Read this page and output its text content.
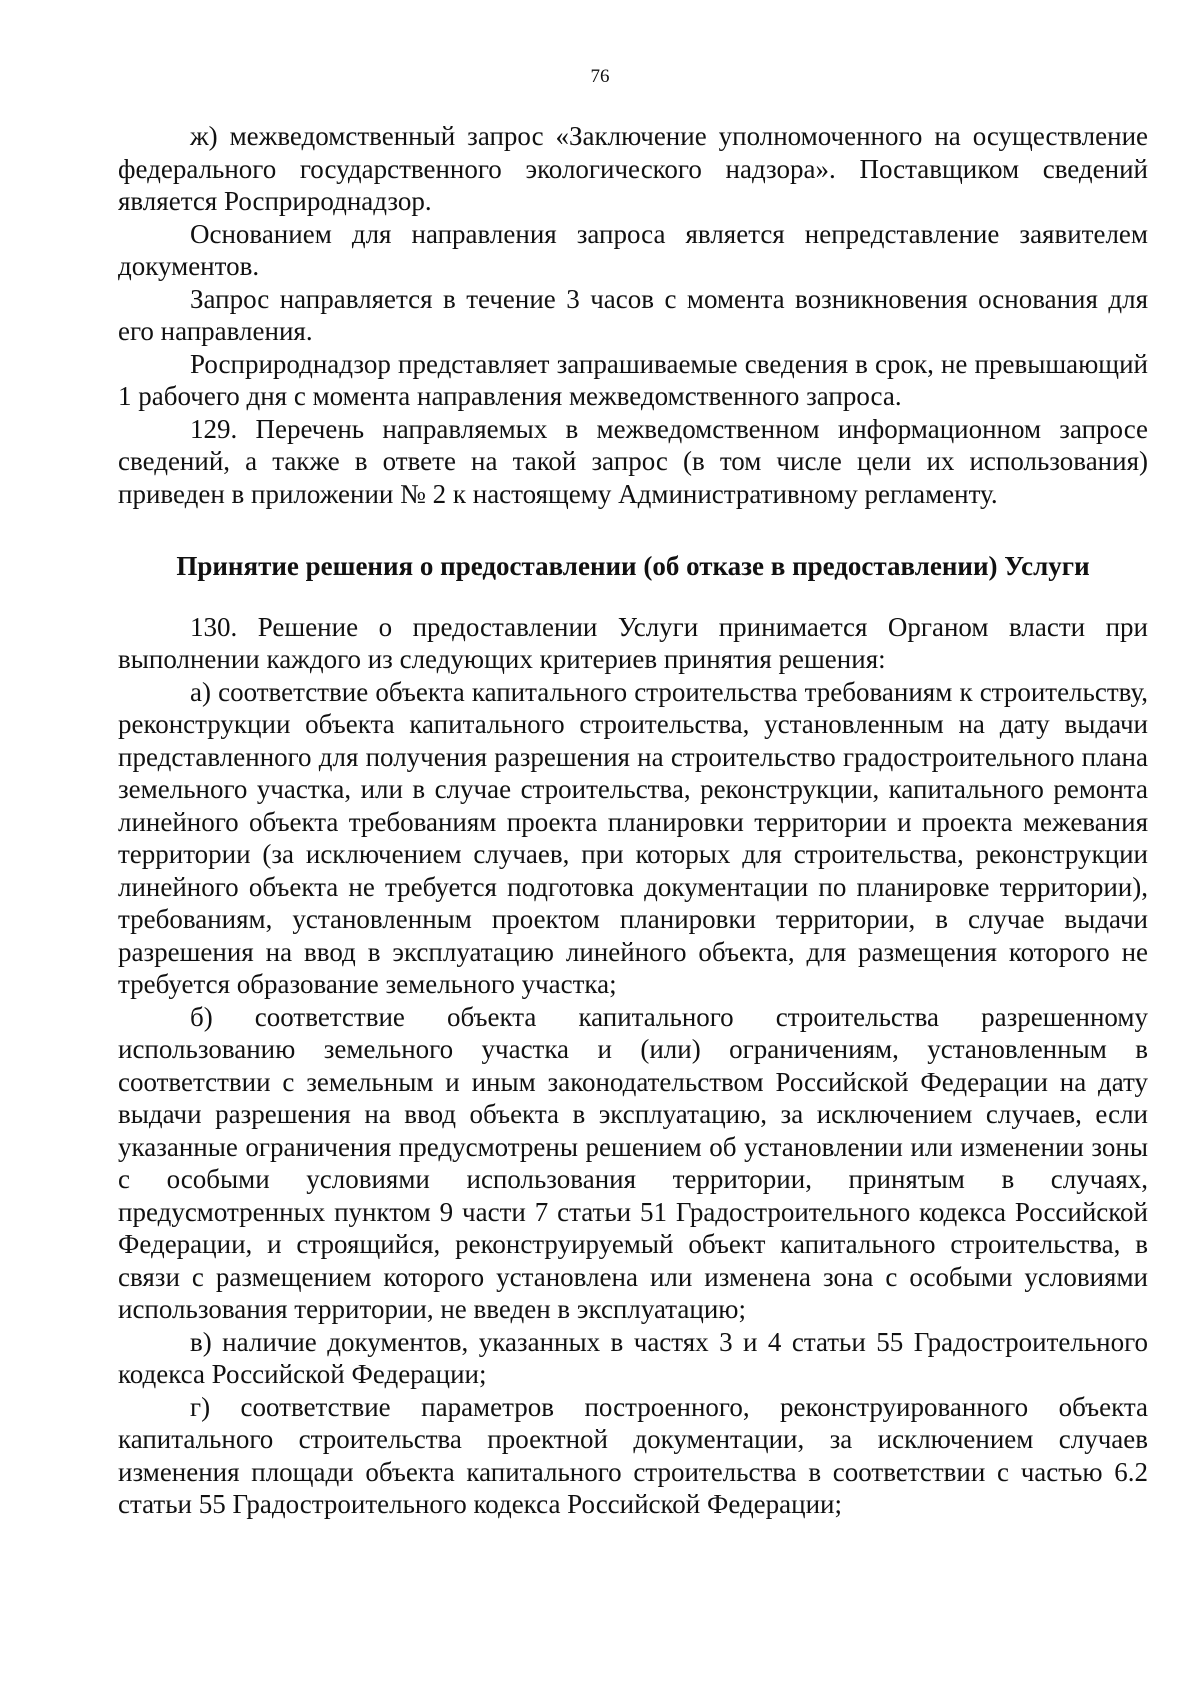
76

ж) межведомственный запрос «Заключение уполномоченного на осуществление федерального государственного экологического надзора». Поставщиком сведений является Росприроднадзор.

Основанием для направления запроса является непредставление заявителем документов.

Запрос направляется в течение 3 часов с момента возникновения основания для его направления.

Росприроднадзор представляет запрашиваемые сведения в срок, не превышающий 1 рабочего дня с момента направления межведомственного запроса.

129. Перечень направляемых в межведомственном информационном запросе сведений, а также в ответе на такой запрос (в том числе цели их использования) приведен в приложении № 2 к настоящему Административному регламенту.

Принятие решения о предоставлении (об отказе в предоставлении) Услуги

130. Решение о предоставлении Услуги принимается Органом власти при выполнении каждого из следующих критериев принятия решения:

а) соответствие объекта капитального строительства требованиям к строительству, реконструкции объекта капитального строительства, установленным на дату выдачи представленного для получения разрешения на строительство градостроительного плана земельного участка, или в случае строительства, реконструкции, капитального ремонта линейного объекта требованиям проекта планировки территории и проекта межевания территории (за исключением случаев, при которых для строительства, реконструкции линейного объекта не требуется подготовка документации по планировке территории), требованиям, установленным проектом планировки территории, в случае выдачи разрешения на ввод в эксплуатацию линейного объекта, для размещения которого не требуется образование земельного участка;

б) соответствие объекта капитального строительства разрешенному использованию земельного участка и (или) ограничениям, установленным в соответствии с земельным и иным законодательством Российской Федерации на дату выдачи разрешения на ввод объекта в эксплуатацию, за исключением случаев, если указанные ограничения предусмотрены решением об установлении или изменении зоны с особыми условиями использования территории, принятым в случаях, предусмотренных пунктом 9 части 7 статьи 51 Градостроительного кодекса Российской Федерации, и строящийся, реконструируемый объект капитального строительства, в связи с размещением которого установлена или изменена зона с особыми условиями использования территории, не введен в эксплуатацию;

в) наличие документов, указанных в частях 3 и 4 статьи 55 Градостроительного кодекса Российской Федерации;

г) соответствие параметров построенного, реконструированного объекта капитального строительства проектной документации, за исключением случаев изменения площади объекта капитального строительства в соответствии с частью 6.2 статьи 55 Градостроительного кодекса Российской Федерации;
